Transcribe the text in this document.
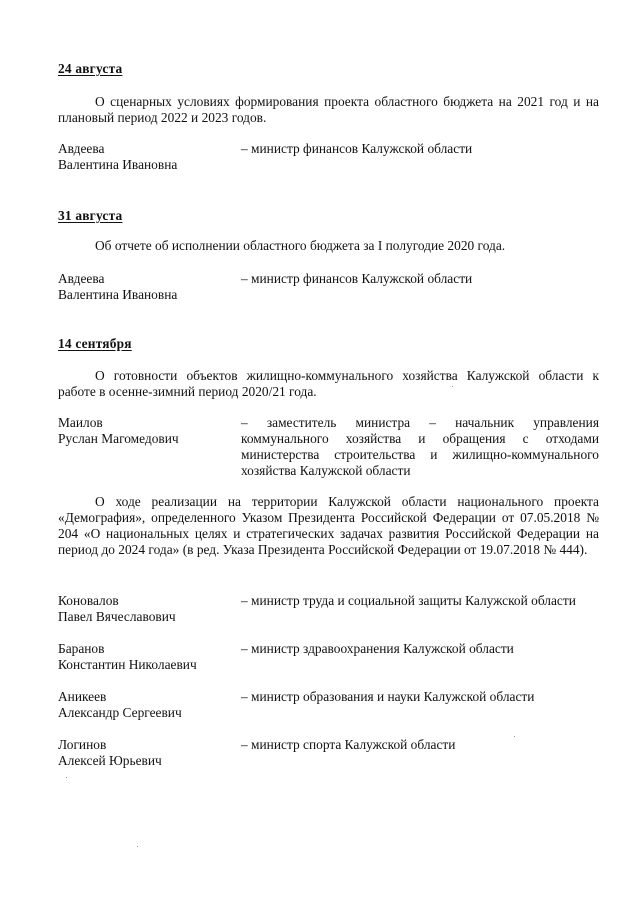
24 августа

О сценарных условиях формирования проекта областного бюджета на 2021 год и на плановый период 2022 и 2023 годов.

Авдеева
Валентина Ивановна
– министр финансов Калужской области
31 августа

Об отчете об исполнении областного бюджета за I полугодие 2020 года.

Авдеева
Валентина Ивановна
– министр финансов Калужской области
14 сентября

О готовности объектов жилищно-коммунального хозяйства Калужской области к работе в осенне-зимний период 2020/21 года.

Маилов
Руслан Магомедович
– заместитель министра – начальник управления коммунального хозяйства и обращения с отходами министерства строительства и жилищно-коммунального хозяйства Калужской области

О ходе реализации на территории Калужской области национального проекта «Демография», определенного Указом Президента Российской Федерации от 07.05.2018 № 204 «О национальных целях и стратегических задачах развития Российской Федерации на период до 2024 года» (в ред. Указа Президента Российской Федерации от 19.07.2018 № 444).

Коновалов
Павел Вячеславович
– министр труда и социальной защиты Калужской области
Баранов
Константин Николаевич
– министр здравоохранения Калужской области
Аникеев
Александр Сергеевич
– министр образования и науки Калужской области
Логинов
Алексей Юрьевич
– министр спорта Калужской области
